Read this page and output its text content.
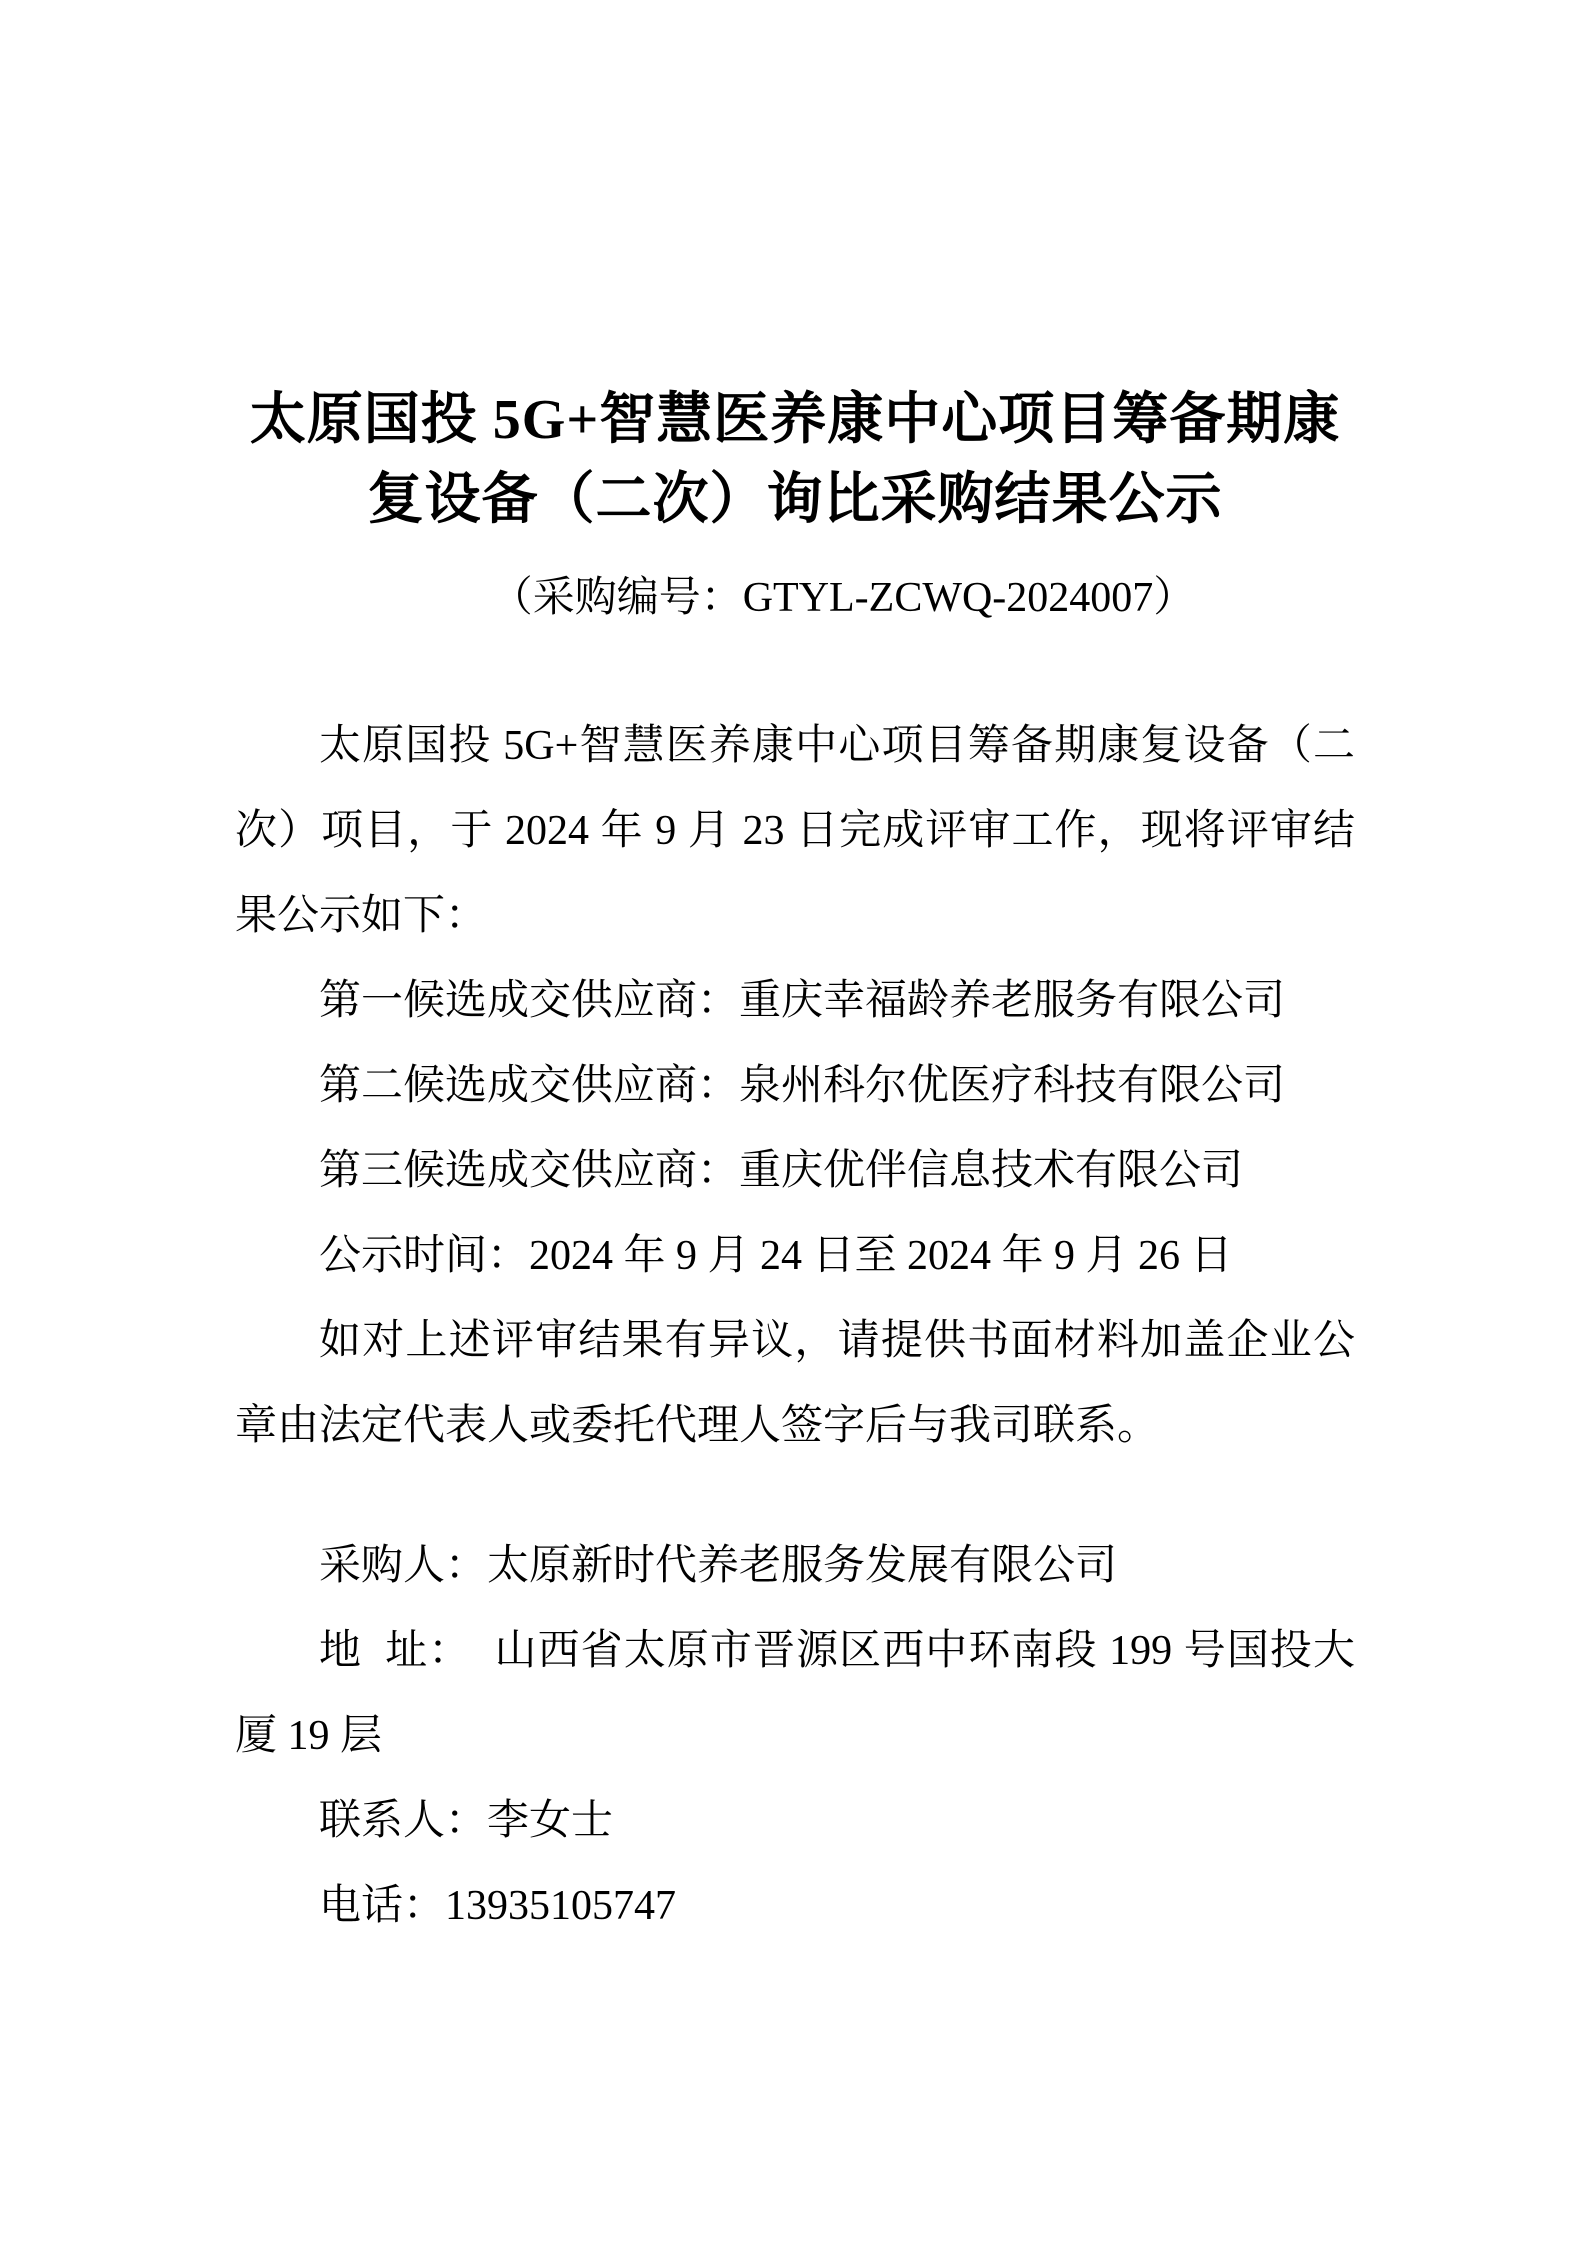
太原国投 5G+智慧医养康中心项目筹备期康
复设备（二次）询比采购结果公示
（采购编号：GTYL-ZCWQ-2024007）

太原国投 5G+智慧医养康中心项目筹备期康复设备（二次）项目，于 2024 年 9 月 23 日完成评审工作，现将评审结果公示如下：

第一候选成交供应商：重庆幸福龄养老服务有限公司

第二候选成交供应商：泉州科尔优医疗科技有限公司

第三候选成交供应商：重庆优伴信息技术有限公司

公示时间：2024 年 9 月 24 日至 2024 年 9 月 26 日

如对上述评审结果有异议，请提供书面材料加盖企业公章由法定代表人或委托代理人签字后与我司联系。

采购人：太原新时代养老服务发展有限公司

地  址：  山西省太原市晋源区西中环南段 199 号国投大厦 19 层

联系人：李女士

电话：13935105747
